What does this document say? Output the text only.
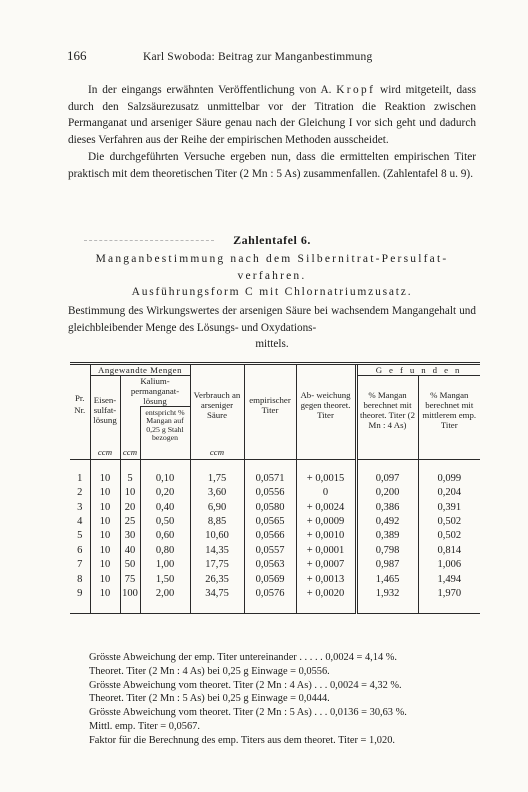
166	Karl Swoboda: Beitrag zur Manganbestimmung

In der eingangs erwähnten Veröffentlichung von A. Kropf wird mitgeteilt, dass durch den Salzsäurezusatz unmittelbar vor der Titration die Reaktion zwischen Permanganat und arseniger Säure genau nach der Gleichung I vor sich geht und dadurch dieses Verfahren aus der Reihe der empirischen Methoden ausscheidet.

Die durchgeführten Versuche ergeben nun, dass die ermittelten empirischen Titer praktisch mit dem theoretischen Titer (2 Mn : 5 As) zusammenfallen. (Zahlentafel 8 u. 9).

Zahlentafel 6.
Manganbestimmung nach dem Silbernitrat-Persulfat-verfahren.
Ausführungsform C mit Chlornatriumzusatz.

Bestimmung des Wirkungswertes der arsenigen Säure bei wachsendem Mangangehalt und gleichbleibender Menge des Lösungs- und Oxydations-

mittels.

Pr. Nr.	Angewandte Mengen			Verbrauch an arseniger Säure	empirischer Titer	Ab- weichung gegen theoret. Titer	G e f u n d e n	
	Eisen- sulfat- lösung	Kalium- permanganat- lösung					% Mangan berechnet mit theoret. Titer (2 Mn : 4 As)	% Mangan berechnet mit mittlerem emp. Titer
			entspricht % Mangan auf 0,25 g Stahl bezogen					
	ccm	ccm		ccm				
1	10	5	0,10	1,75	0,0571	+ 0,0015	0,097	0,099
2	10	10	0,20	3,60	0,0556	0	0,200	0,204
3	10	20	0,40	6,90	0,0580	+ 0,0024	0,386	0,391
4	10	25	0,50	8,85	0,0565	+ 0,0009	0,492	0,502
5	10	30	0,60	10,60	0,0566	+ 0,0010	0,389	0,502
6	10	40	0,80	14,35	0,0557	+ 0,0001	0,798	0,814
7	10	50	1,00	17,75	0,0563	+ 0,0007	0,987	1,006
8	10	75	1,50	26,35	0,0569	+ 0,0013	1,465	1,494
9	10	100	2,00	34,75	0,0576	+ 0,0020	1,932	1,970
Grösste Abweichung der emp. Titer untereinander . . . . . 0,0024 = 4,14 %.
Theoret. Titer (2 Mn : 4 As) bei 0,25 g Einwage = 0,0556.
Grösste Abweichung vom theoret. Titer (2 Mn : 4 As) . . . 0,0024 = 4,32 %.
Theoret. Titer (2 Mn : 5 As) bei 0,25 g Einwage = 0,0444.
Grösste Abweichung vom theoret. Titer (2 Mn : 5 As) . . . 0,0136 = 30,63 %.
Mittl. emp. Titer = 0,0567.
Faktor für die Berechnung des emp. Titers aus dem theoret. Titer = 1,020.
